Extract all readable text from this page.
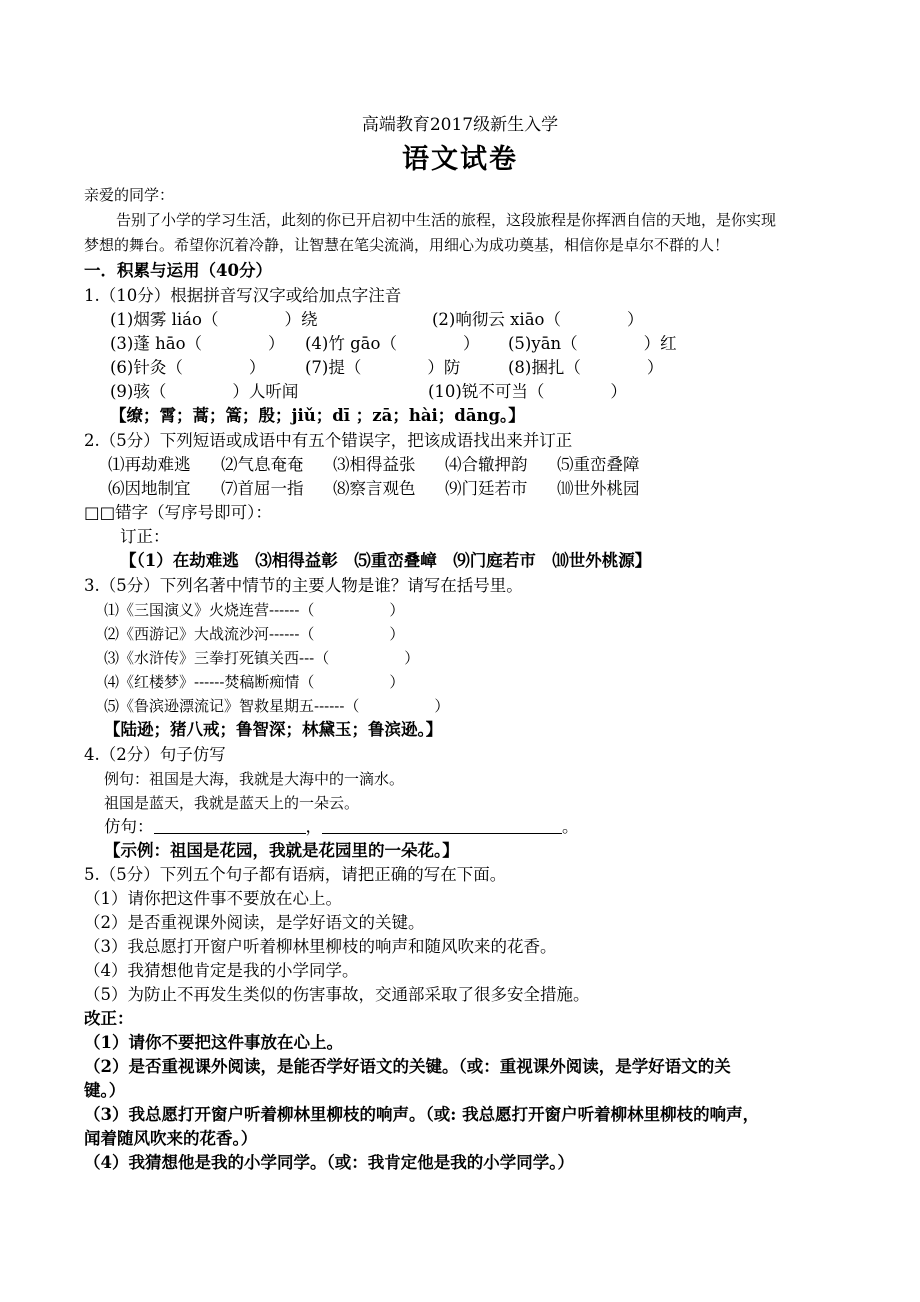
高端教育2017级新生入学
语文试卷
亲爱的同学：
告别了小学的学习生活，此刻的你已开启初中生活的旅程，这段旅程是你挥洒自信的天地，是你实现
梦想的舞台。希望你沉着冷静，让智慧在笔尖流淌，用细心为成功奠基，相信你是卓尔不群的人！
一．积累与运用（40分）
1.（10分）根据拼音写汉字或给加点字注音
(1)烟雾 liáo（　　　　）绕	(2)响彻云 xiāo（　　　　）
(3)蓬 hāo（　　　　） (4)竹 gāo（　　　　） (5)yān（　　　　）红
(6)针灸（　　　　） (7)提（　　　　）防	(8)捆扎（　　　　）
(9)骇（　　　　）人听闻	(10)锐不可当（　　　　）
【缭；霄；蒿；篙；殷；jiǔ；dī ；zā；hài；dāng。】
2.（5分）下列短语或成语中有五个错误字，把该成语找出来并订正
⑴再劫难逃 ⑵气息奄奄 ⑶相得益张 ⑷合辙押韵 ⑸重峦叠障
⑹因地制宜 ⑺首屈一指 ⑻察言观色 ⑼门廷若市 ⑽世外桃园
□□错字（写序号即可）：
订正：
【（1）在劫难逃　⑶相得益彰　⑸重峦叠嶂　⑼门庭若市　⑽世外桃源】
3.（5分）下列名著中情节的主要人物是谁？请写在括号里。
⑴《三国演义》火烧连营------（　　　　　）
⑵《西游记》大战流沙河------（　　　　　）
⑶《水浒传》三拳打死镇关西---（　　　　　）
⑷《红楼梦》------焚稿断痴情（　　　　　）
⑸《鲁滨逊漂流记》智救星期五------（　　　　　）
【陆逊；猪八戒；鲁智深；林黛玉；鲁滨逊。】
4.（2分）句子仿写
例句：祖国是大海，我就是大海中的一滴水。
祖国是蓝天，我就是蓝天上的一朵云。
仿句：	，	。
【示例：祖国是花园，我就是花园里的一朵花。】
5.（5分）下列五个句子都有语病，请把正确的写在下面。
（1）请你把这件事不要放在心上。
（2）是否重视课外阅读，是学好语文的关键。
（3）我总愿打开窗户听着柳林里柳枝的响声和随风吹来的花香。
（4）我猜想他肯定是我的小学同学。
（5）为防止不再发生类似的伤害事故，交通部采取了很多安全措施。
改正：
（1）请你不要把这件事放在心上。
（2）是否重视课外阅读，是能否学好语文的关键。（或：重视课外阅读，是学好语文的关
键。）
（3）我总愿打开窗户听着柳林里柳枝的响声。（或: 我总愿打开窗户听着柳林里柳枝的响声，
闻着随风吹来的花香。）
（4）我猜想他是我的小学同学。（或：我肯定他是我的小学同学。）
